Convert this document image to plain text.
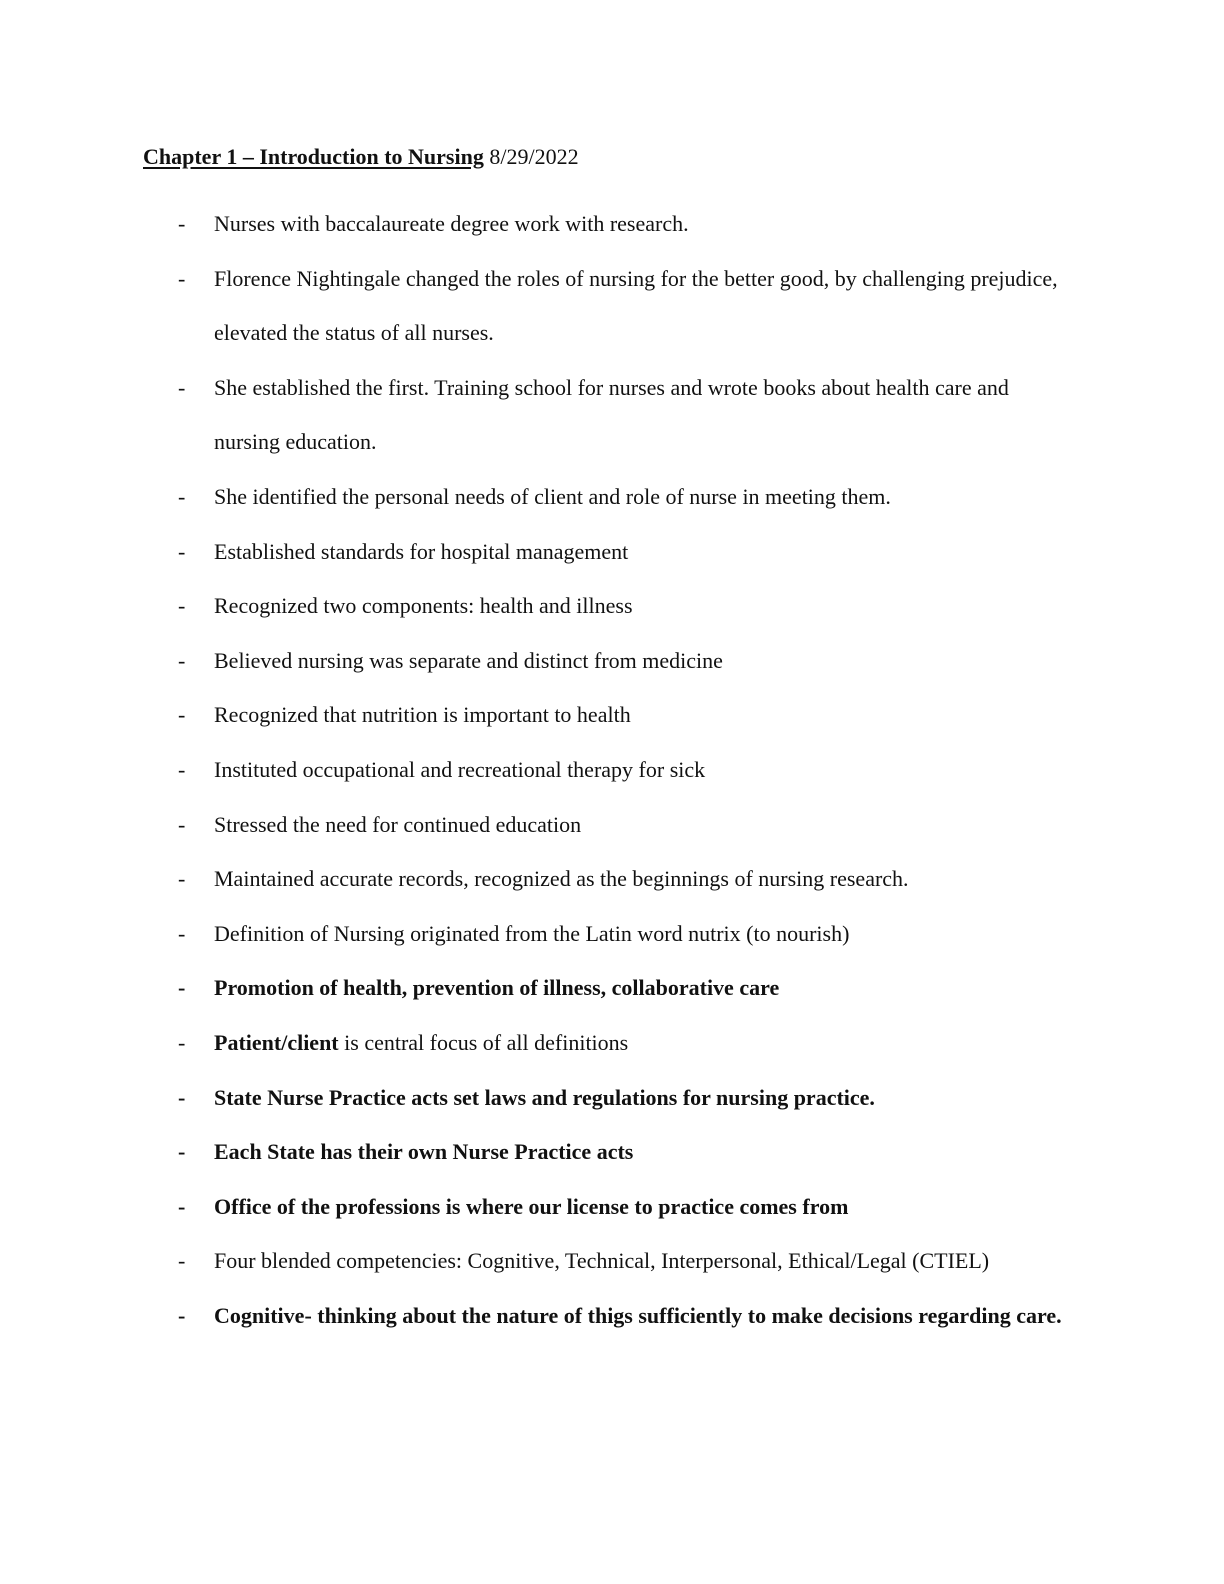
Chapter 1 – Introduction to Nursing 8/29/2022
- Nurses with baccalaureate degree work with research.
- Florence Nightingale changed the roles of nursing for the better good, by challenging prejudice, elevated the status of all nurses.
- She established the first. Training school for nurses and wrote books about health care and nursing education.
- She identified the personal needs of client and role of nurse in meeting them.
- Established standards for hospital management
- Recognized two components: health and illness
- Believed nursing was separate and distinct from medicine
- Recognized that nutrition is important to health
- Instituted occupational and recreational therapy for sick
- Stressed the need for continued education
- Maintained accurate records, recognized as the beginnings of nursing research.
- Definition of Nursing originated from the Latin word nutrix (to nourish)
- Promotion of health, prevention of illness, collaborative care
- Patient/client is central focus of all definitions
- State Nurse Practice acts set laws and regulations for nursing practice.
- Each State has their own Nurse Practice acts
- Office of the professions is where our license to practice comes from
- Four blended competencies: Cognitive, Technical, Interpersonal, Ethical/Legal (CTIEL)
- Cognitive- thinking about the nature of thigs sufficiently to make decisions regarding care.
